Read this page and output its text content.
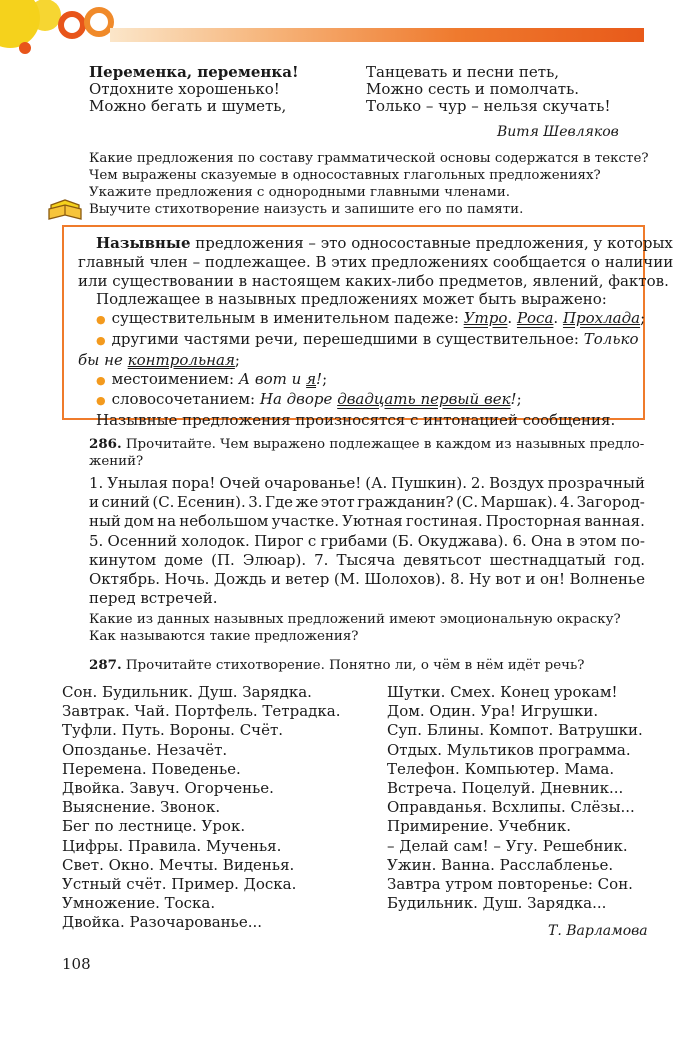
Переменка, переменка!
Отдохните хорошенько!
Можно бегать и шуметь,
Танцевать и песни петь,
Можно сесть и помолчать.
Только – чур – нельзя скучать!
Витя Шевляков
Какие предложения по составу грамматической основы содержатся в тексте?
Чем выражены сказуемые в односоставных глагольных предложениях?
Укажите предложения с однородными главными членами.
Выучите стихотворение наизусть и запишите его по памяти.
Назывные предложения – это односоставные предложения, у которых
главный член – подлежащее. В этих предложениях сообщается о наличии
или существовании в настоящем каких-либо предметов, явлений, фактов.
Подлежащее в назывных предложениях может быть выражено:
● существительным в именительном падеже: Утро. Роса. Прохлада;
● другими частями речи, перешедшими в существительное: Только
бы не контрольная;
● местоимением: А вот и я!;
● словосочетанием: На дворе двадцать первый век!;
Назывные предложения произносятся с интонацией сообщения.
286. Прочитайте. Чем выражено подлежащее в каждом из назывных предло-
жений?
1. Унылая пора! Очей очарованье! (А. Пушкин). 2. Воздух прозрачный
и синий (С. Есенин). 3. Где же этот гражданин? (С. Маршак). 4. Загород-
ный дом на небольшом участке. Уютная гостиная. Просторная ванная.
5. Осенний холодок. Пирог с грибами (Б. Окуджава). 6. Она в этом по-
кинутом доме (П. Элюар). 7. Тысяча девятьсот шестнадцатый год.
Октябрь. Ночь. Дождь и ветер (М. Шолохов). 8. Ну вот и он! Волненье
перед встречей.
Какие из данных назывных предложений имеют эмоциональную окраску?
Как называются такие предложения?
287. Прочитайте стихотворение. Понятно ли, о чём в нём идёт речь?
Сон. Будильник. Душ. Зарядка.
Завтрак. Чай. Портфель. Тетрадка.
Туфли. Путь. Вороны. Счёт.
Опозданье. Незачёт.
Перемена. Поведенье.
Двойка. Завуч. Огорченье.
Выяснение. Звонок.
Бег по лестнице. Урок.
Цифры. Правила. Мученья.
Свет. Окно. Мечты. Виденья.
Устный счёт. Пример. Доска.
Умножение. Тоска.
Двойка. Разочарованье...
Шутки. Смех. Конец урокам!
Дом. Один. Ура! Игрушки.
Суп. Блины. Компот. Ватрушки.
Отдых. Мультиков программа.
Телефон. Компьютер. Мама.
Встреча. Поцелуй. Дневник...
Оправданья. Всхлипы. Слёзы...
Примирение. Учебник.
– Делай сам! – Угу. Решебник.
Ужин. Ванна. Расслабленье.
Завтра утром повторенье: Сон.
Будильник. Душ. Зарядка...
Т. Варламова
108
